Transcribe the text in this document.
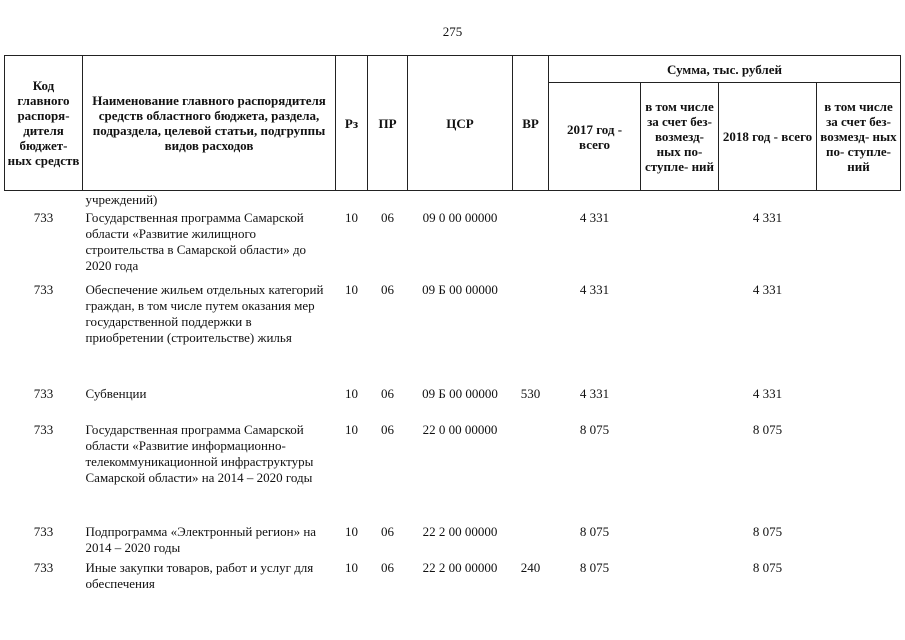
275
Код главного распоря- дителя бюджет- ных средств	Наименование главного распорядителя средств областного бюджета, раздела, подраздела, целевой статьи, подгруппы видов расходов	Рз	ПР	ЦСР	ВР	Сумма, тыс. рублей			
						2017 год - всего	в том числе за счет без- возмезд- ных по- ступле- ний	2018 год - всего	в том числе за счет без- возмезд- ных по- ступле- ний
	учреждений)								
733	Государственная программа Самарской области «Развитие жилищного строительства в Самарской области» до 2020 года	10	06	09 0 00 00000		4 331		4 331	
733	Обеспечение жильем отдельных категорий граждан, в том числе путем оказания мер государственной поддержки в приобретении (строительстве) жилья	10	06	09 Б 00 00000		4 331		4 331	
733	Субвенции	10	06	09 Б 00 00000	530	4 331		4 331	
733	Государственная программа Самарской области «Развитие информационно- телекоммуникационной инфраструктуры Самарской области» на 2014 – 2020 годы	10	06	22 0 00 00000		8 075		8 075	
733	Подпрограмма «Электронный регион» на 2014 – 2020 годы	10	06	22 2 00 00000		8 075		8 075	
733	Иные закупки товаров, работ и услуг для обеспечения	10	06	22 2 00 00000	240	8 075		8 075	
